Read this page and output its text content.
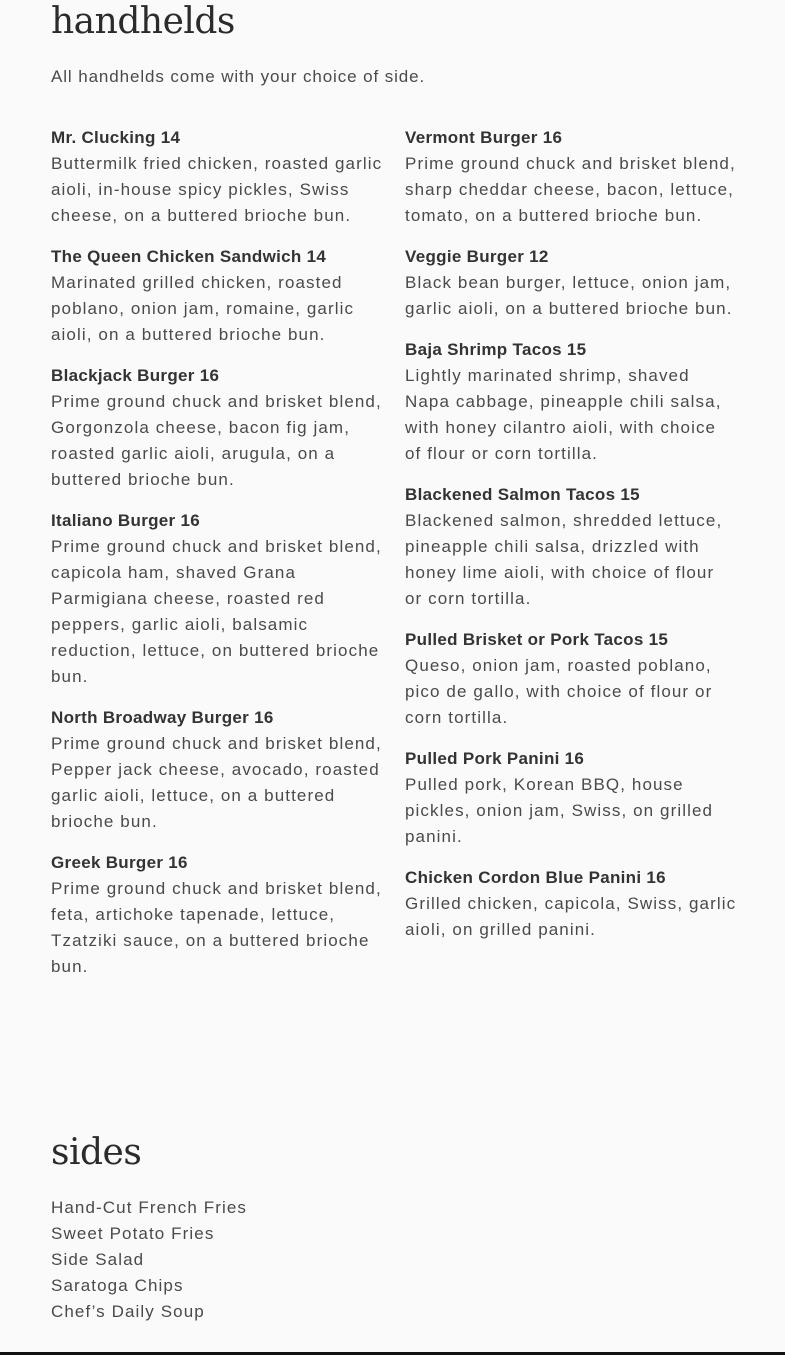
handhelds
All handhelds come with your choice of side.
Mr. Clucking 14
Buttermilk fried chicken, roasted garlic aioli, in-house spicy pickles, Swiss cheese, on a buttered brioche bun.
The Queen Chicken Sandwich 14
Marinated grilled chicken, roasted poblano, onion jam, romaine, garlic aioli, on a buttered brioche bun.
Blackjack Burger 16
Prime ground chuck and brisket blend, Gorgonzola cheese, bacon fig jam, roasted garlic aioli, arugula, on a buttered brioche bun.
Italiano Burger 16
Prime ground chuck and brisket blend, capicola ham, shaved Grana Parmigiana cheese, roasted red peppers, garlic aioli, balsamic reduction, lettuce, on buttered brioche bun.
North Broadway Burger 16
Prime ground chuck and brisket blend, Pepper jack cheese, avocado, roasted garlic aioli, lettuce, on a buttered brioche bun.
Greek Burger 16
Prime ground chuck and brisket blend, feta, artichoke tapenade, lettuce, Tzatziki sauce, on a buttered brioche bun.
Vermont Burger 16
Prime ground chuck and brisket blend, sharp cheddar cheese, bacon, lettuce, tomato, on a buttered brioche bun.
Veggie Burger 12
Black bean burger, lettuce, onion jam, garlic aioli, on a buttered brioche bun.
Baja Shrimp Tacos 15
Lightly marinated shrimp, shaved Napa cabbage, pineapple chili salsa, with honey cilantro aioli, with choice of flour or corn tortilla.
Blackened Salmon Tacos 15
Blackened salmon, shredded lettuce, pineapple chili salsa, drizzled with honey lime aioli, with choice of flour or corn tortilla.
Pulled Brisket or Pork Tacos 15
Queso, onion jam, roasted poblano, pico de gallo, with choice of flour or corn tortilla.
Pulled Pork Panini 16
Pulled pork, Korean BBQ, house pickles, onion jam, Swiss, on grilled panini.
Chicken Cordon Blue Panini 16
Grilled chicken, capicola, Swiss, garlic aioli, on grilled panini.
sides
Hand-Cut French Fries
Sweet Potato Fries
Side Salad
Saratoga Chips
Chef’s Daily Soup
